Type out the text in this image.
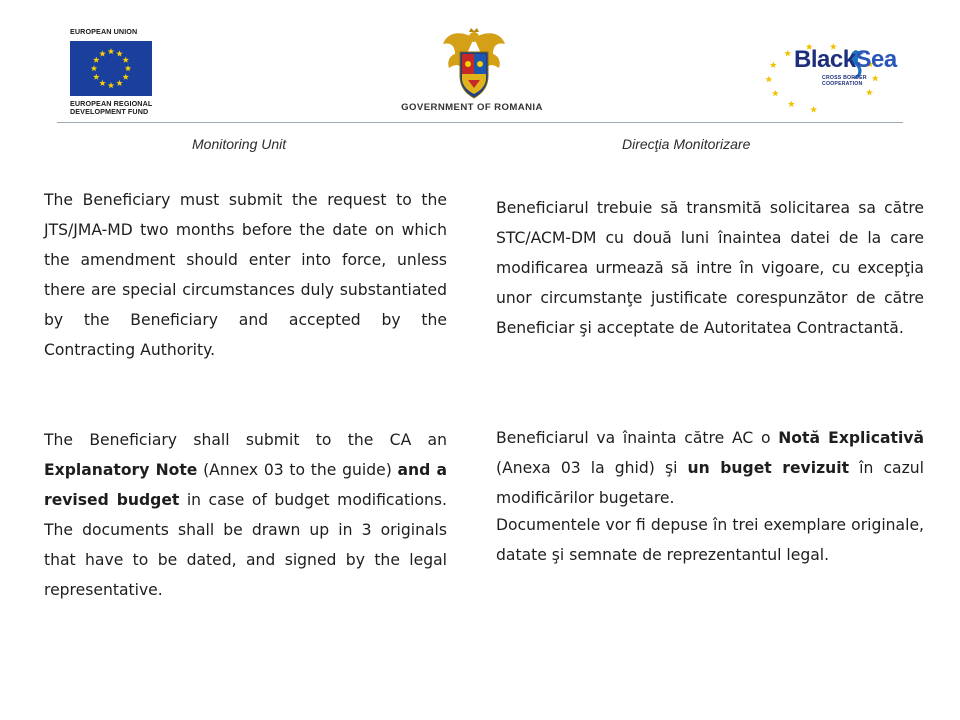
EUROPEAN UNION
EUROPEAN REGIONAL
DEVELOPMENT FUND	GOVERNMENT OF ROMANIA
BlackSea
CROSS BORDER
COOPERATION
Monitoring Unit	Direcţia Monitorizare

The Beneficiary must submit the request to the JTS/JMA-MD two months before the date on which the amendment should enter into force, unless there are special circumstances duly substantiated by the Beneficiary and accepted by the Contracting Authority.

The Beneficiary shall submit to the CA an Explanatory Note (Annex 03 to the guide) and a revised budget in case of budget modifications. The documents shall be drawn up in 3 originals that have to be dated, and signed by the legal representative.

Beneficiarul trebuie să transmită solicitarea sa către STC/ACM-DM cu două luni înaintea datei de la care modificarea urmează să intre în vigoare, cu excepţia unor circumstanţe justificate corespunzător de către Beneficiar şi acceptate de Autoritatea Contractantă.

Beneficiarul va înainta către AC o Notă Explicativă (Anexa 03 la ghid) şi un buget revizuit în cazul modificărilor bugetare.

Documentele vor fi depuse în trei exemplare originale, datate şi semnate de reprezentantul legal.
